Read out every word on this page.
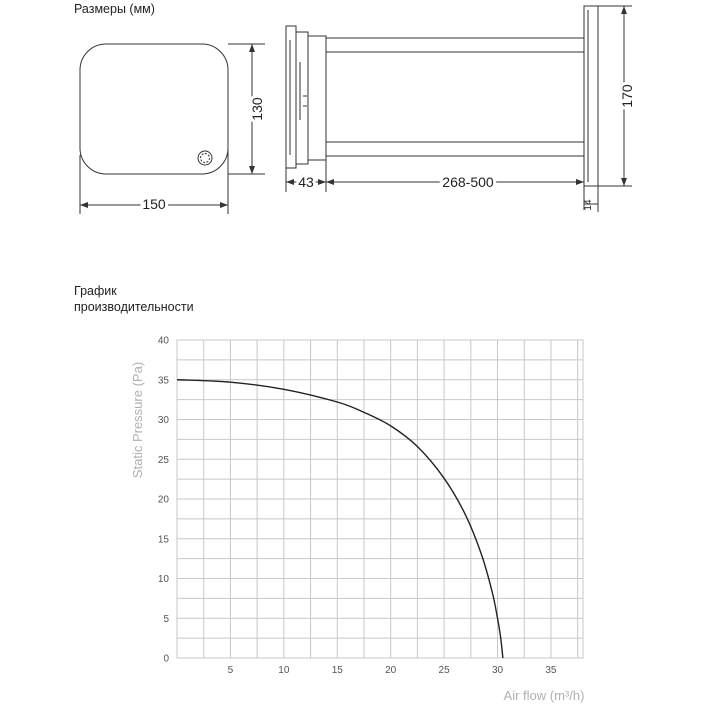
Размеры (мм)
График
производительности
150
130
43	268-500
170
14
5	10	15	20	25	30	35
0
5
10
15
20
25
30
35
40
Air flow (m³/h)
Static Pressure (Pa)
